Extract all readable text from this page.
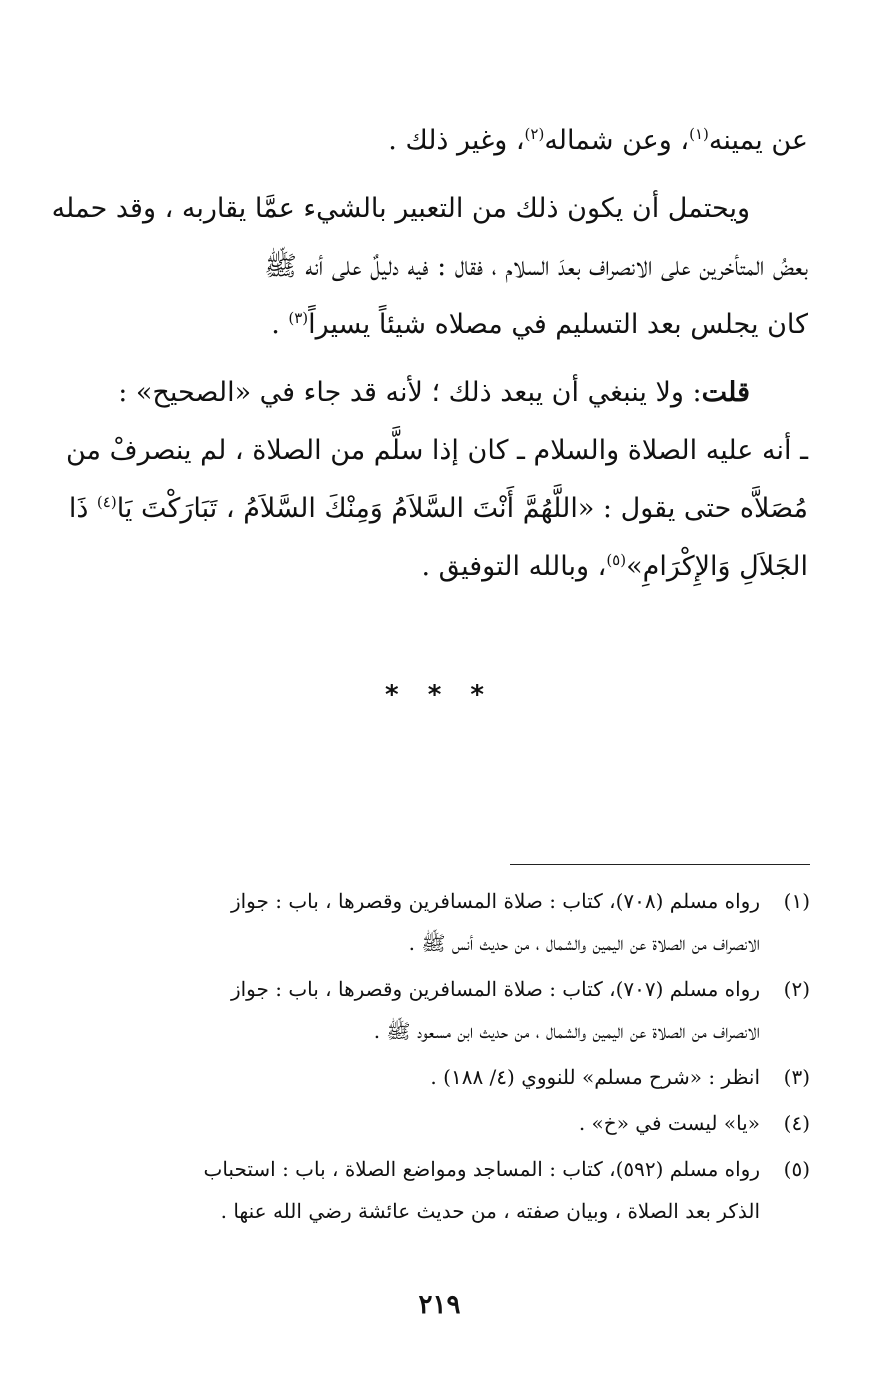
عن يمينه$^{(١)}$، وعن شماله$^{(٢)}$، وغير ذلك .

ويحتمل أن يكون ذلك من التعبير بالشيء عمَّا يقاربه ، وقد حمله
بعضُ المتأخرين على الانصراف بعدَ السلام ، فقال : فيه دليلٌ على أنه ﷺ
كان يجلس بعد التسليم في مصلاه شيئاً يسيراً$^{(٣)}$ .

قلت: ولا ينبغي أن يبعد ذلك ؛ لأنه قد جاء في «الصحيح» :
ـ أنه عليه الصلاة والسلام ـ كان إذا سلَّم من الصلاة ، لم ينصرفْ من
مُصَلاَّه حتى يقول : «اللَّهُمَّ أَنْتَ السَّلاَمُ وَمِنْكَ السَّلاَمُ ، تَبَارَكْتَ يَا$^{(٤)}$ ذَا
الجَلاَلِ وَالإِكْرَامِ»$^{(٥)}$، وبالله التوفيق .

* * *
(١)
رواه مسلم (٧٠٨)، كتاب : صلاة المسافرين وقصرها ، باب : جواز
الانصراف من الصلاة عن اليمين والشمال ، من حديث أنس ﷺ .
(٢)
رواه مسلم (٧٠٧)، كتاب : صلاة المسافرين وقصرها ، باب : جواز
الانصراف من الصلاة عن اليمين والشمال ، من حديث ابن مسعود ﷺ .
(٣)
انظر : «شرح مسلم» للنووي (٤/ ١٨٨) .
(٤)
«يا» ليست في «خ» .
(٥)
رواه مسلم (٥٩٢)، كتاب : المساجد ومواضع الصلاة ، باب : استحباب
الذكر بعد الصلاة ، وبيان صفته ، من حديث عائشة رضي الله عنها .
٢١٩
